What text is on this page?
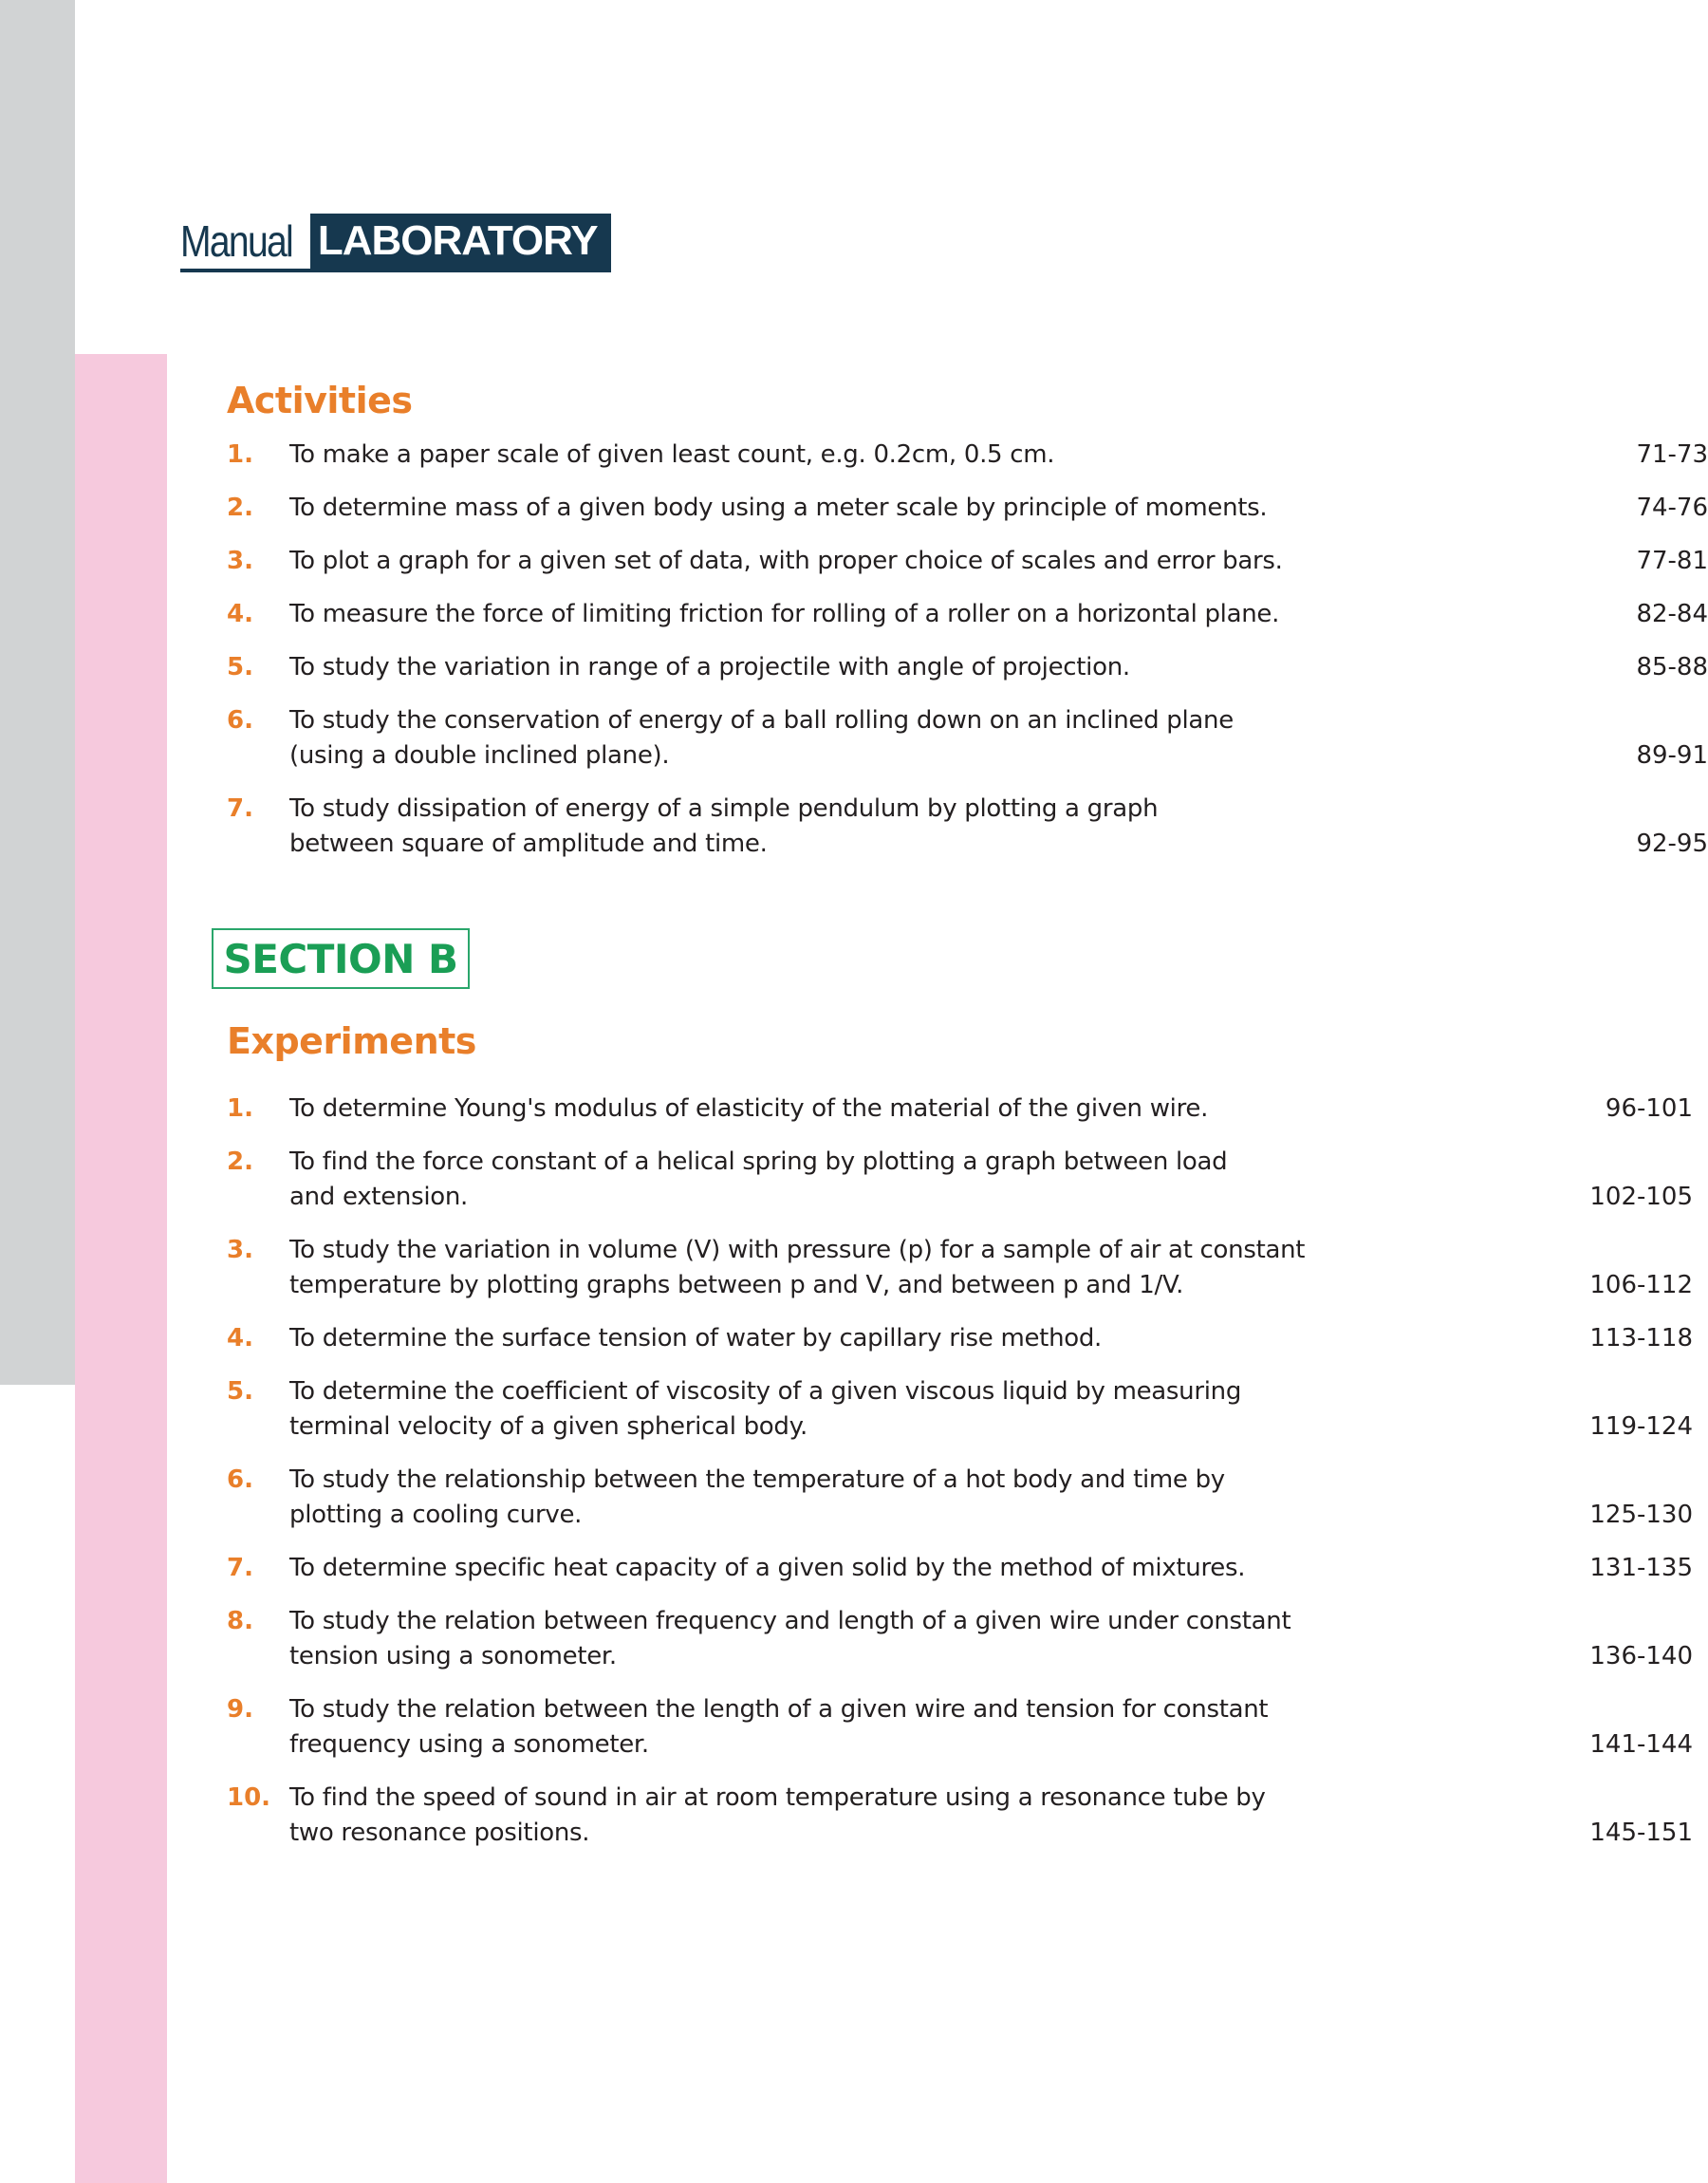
Manual LABORATORY
Activities
1. To make a paper scale of given least count, e.g. 0.2cm, 0.5 cm.	71-73
2. To determine mass of a given body using a meter scale by principle of moments.	74-76
3. To plot a graph for a given set of data, with proper choice of scales and error bars.	77-81
4. To measure the force of limiting friction for rolling of a roller on a horizontal plane.	82-84
5. To study the variation in range of a projectile with angle of projection.	85-88
6. To study the conservation of energy of a ball rolling down on an inclined plane
(using a double inclined plane).	89-91
7. To study dissipation of energy of a simple pendulum by plotting a graph
between square of amplitude and time.	92-95
SECTION B
Experiments
1. To determine Young's modulus of elasticity of the material of the given wire.	96-101
2. To find the force constant of a helical spring by plotting a graph between load
and extension.	102-105
3. To study the variation in volume (V) with pressure (p) for a sample of air at constant
temperature by plotting graphs between p and V, and between p and 1/V.	106-112
4. To determine the surface tension of water by capillary rise method.	113-118
5. To determine the coefficient of viscosity of a given viscous liquid by measuring
terminal velocity of a given spherical body.	119-124
6. To study the relationship between the temperature of a hot body and time by
plotting a cooling curve.	125-130
7. To determine specific heat capacity of a given solid by the method of mixtures.	131-135
8. To study the relation between frequency and length of a given wire under constant
tension using a sonometer.	136-140
9. To study the relation between the length of a given wire and tension for constant
frequency using a sonometer.	141-144
10. To find the speed of sound in air at room temperature using a resonance tube by
two resonance positions.	145-151
